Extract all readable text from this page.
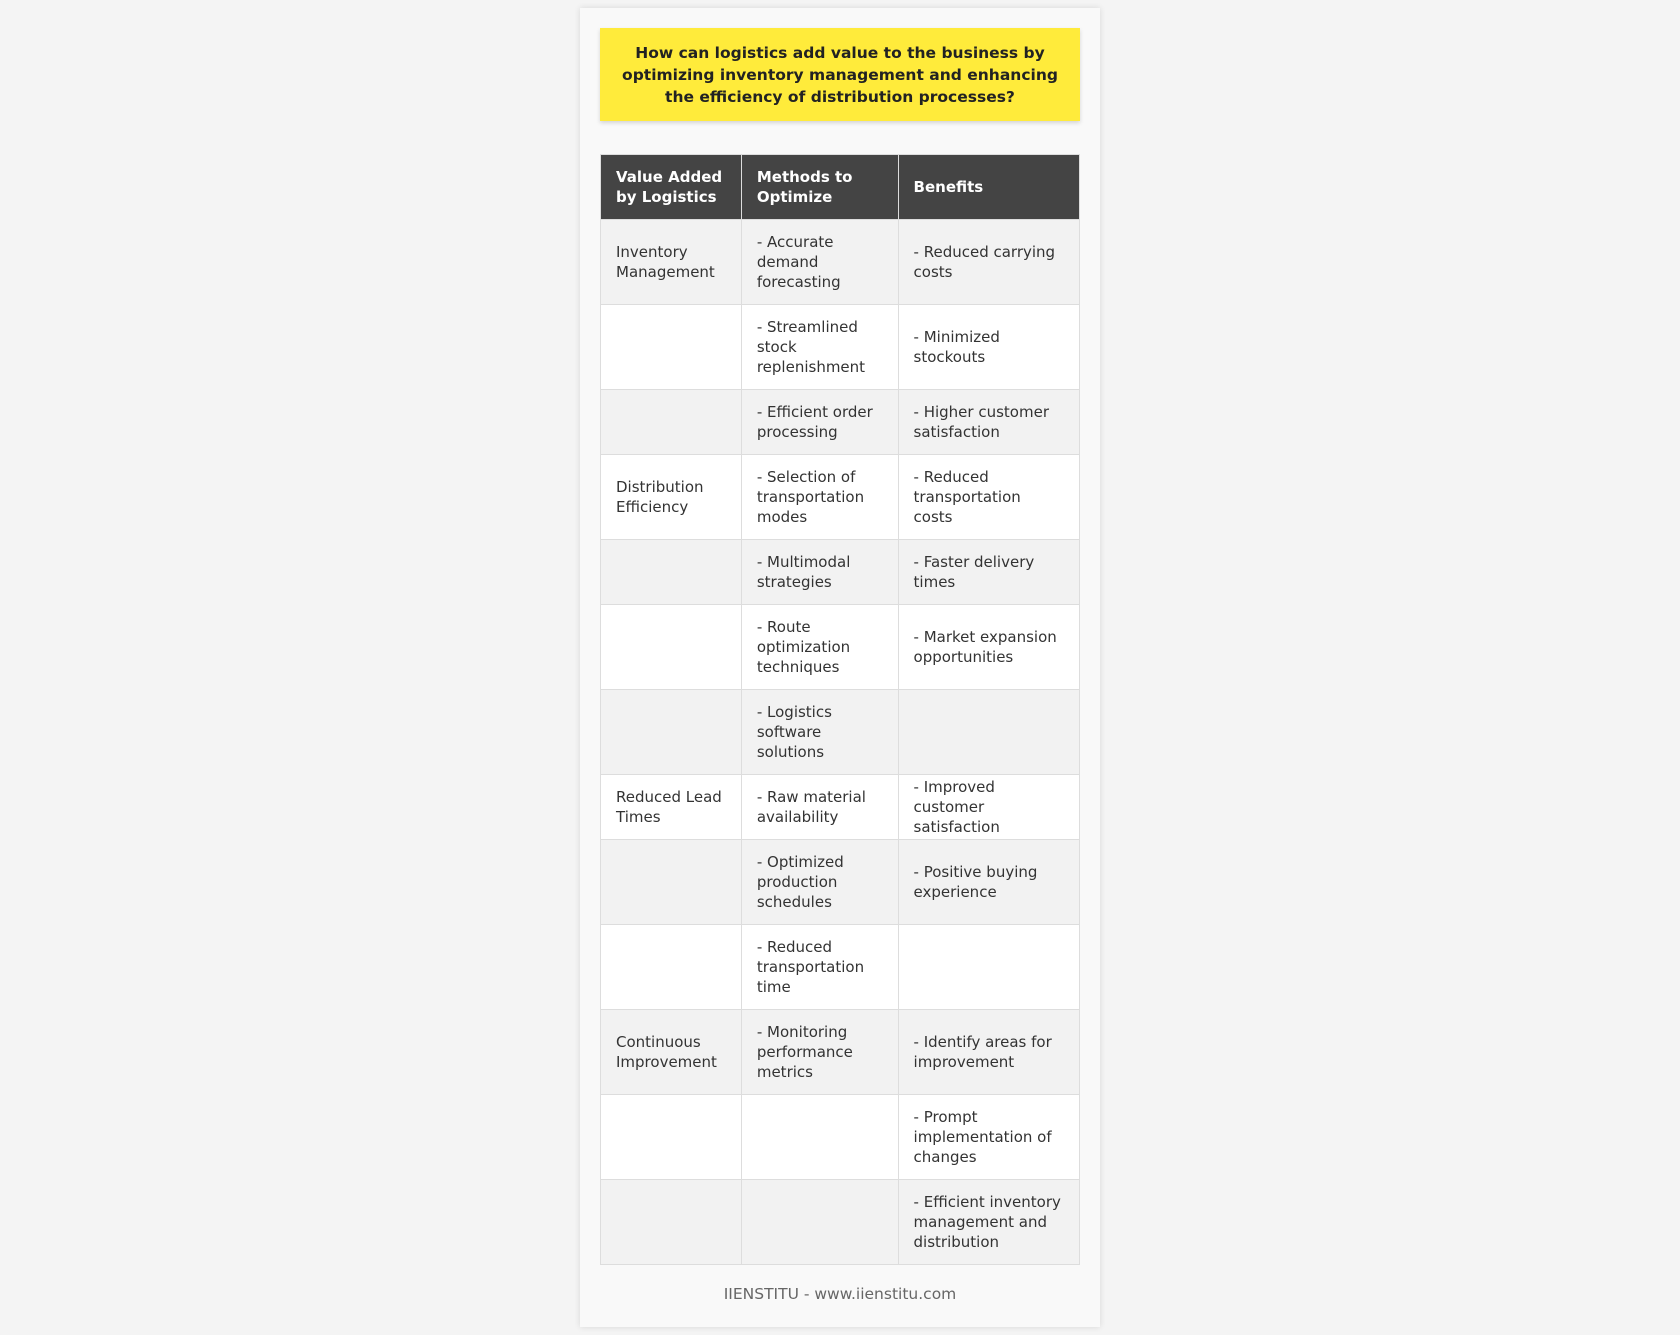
How can logistics add value to the business by optimizing inventory management and enhancing the efficiency of distribution processes?
Value Added by Logistics	Methods to Optimize	Benefits
Inventory Management	- Accurate demand forecasting	- Reduced carrying costs
	- Streamlined stock replenishment	- Minimized stockouts
	- Efficient order processing	- Higher customer satisfaction
Distribution Efficiency	- Selection of transportation modes	- Reduced transportation costs
	- Multimodal strategies	- Faster delivery times
	- Route optimization techniques	- Market expansion opportunities
	- Logistics software solutions	
Reduced Lead Times	- Raw material availability	- Improved customer satisfaction
	- Optimized production schedules	- Positive buying experience
	- Reduced transportation time	
Continuous Improvement	- Monitoring performance metrics	- Identify areas for improvement
		- Prompt implementation of changes
		- Efficient inventory management and distribution
IIENSTITU - www.iienstitu.com
